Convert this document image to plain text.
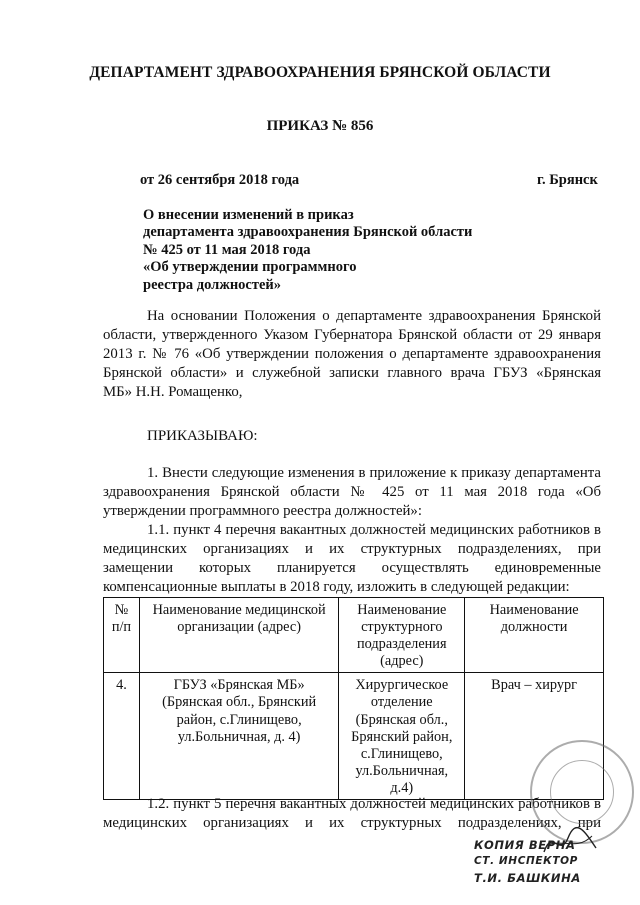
ДЕПАРТАМЕНТ ЗДРАВООХРАНЕНИЯ БРЯНСКОЙ ОБЛАСТИ
ПРИКАЗ № 856
от 26 сентября 2018 года	г. Брянск
О внесении изменений в приказ
департамента здравоохранения Брянской области
№ 425 от 11 мая 2018 года
«Об утверждении программного
реестра должностей»
На основании Положения о департаменте здравоохранения Брянской
области, утвержденного Указом Губернатора Брянской области от 29 января
2013 г. № 76 «Об утверждении положения о департаменте здравоохранения
Брянской области» и служебной записки главного врача ГБУЗ «Брянская
МБ» Н.Н. Ромащенко,
ПРИКАЗЫВАЮ:
1. Внести следующие изменения в приложение к приказу департамента
здравоохранения Брянской области № 425 от 11 мая 2018 года «Об
утверждении программного реестра должностей»:
1.1. пункт 4 перечня вакантных должностей медицинских работников в
медицинских организациях и их структурных подразделениях, при
замещении которых планируется осуществлять единовременные
компенсационные выплаты в 2018 году, изложить в следующей редакции:
№ п/п	Наименование медицинской организации (адрес)	Наименование структурного подразделения (адрес)	Наименование должности
4.	ГБУЗ «Брянская МБ» (Брянская обл., Брянский район, с.Глинищево, ул.Больничная, д. 4)	Хирургическое отделение (Брянская обл., Брянский район, с.Глинищево, ул.Больничная, д.4)	Врач – хирург
1.2. пункт 5 перечня вакантных должностей медицинских работников в
медицинских организациях и их структурных подразделениях, при
КОПИЯ ВЕРНА
СТ. ИНСПЕКТОР
Т.И. БАШКИНА
